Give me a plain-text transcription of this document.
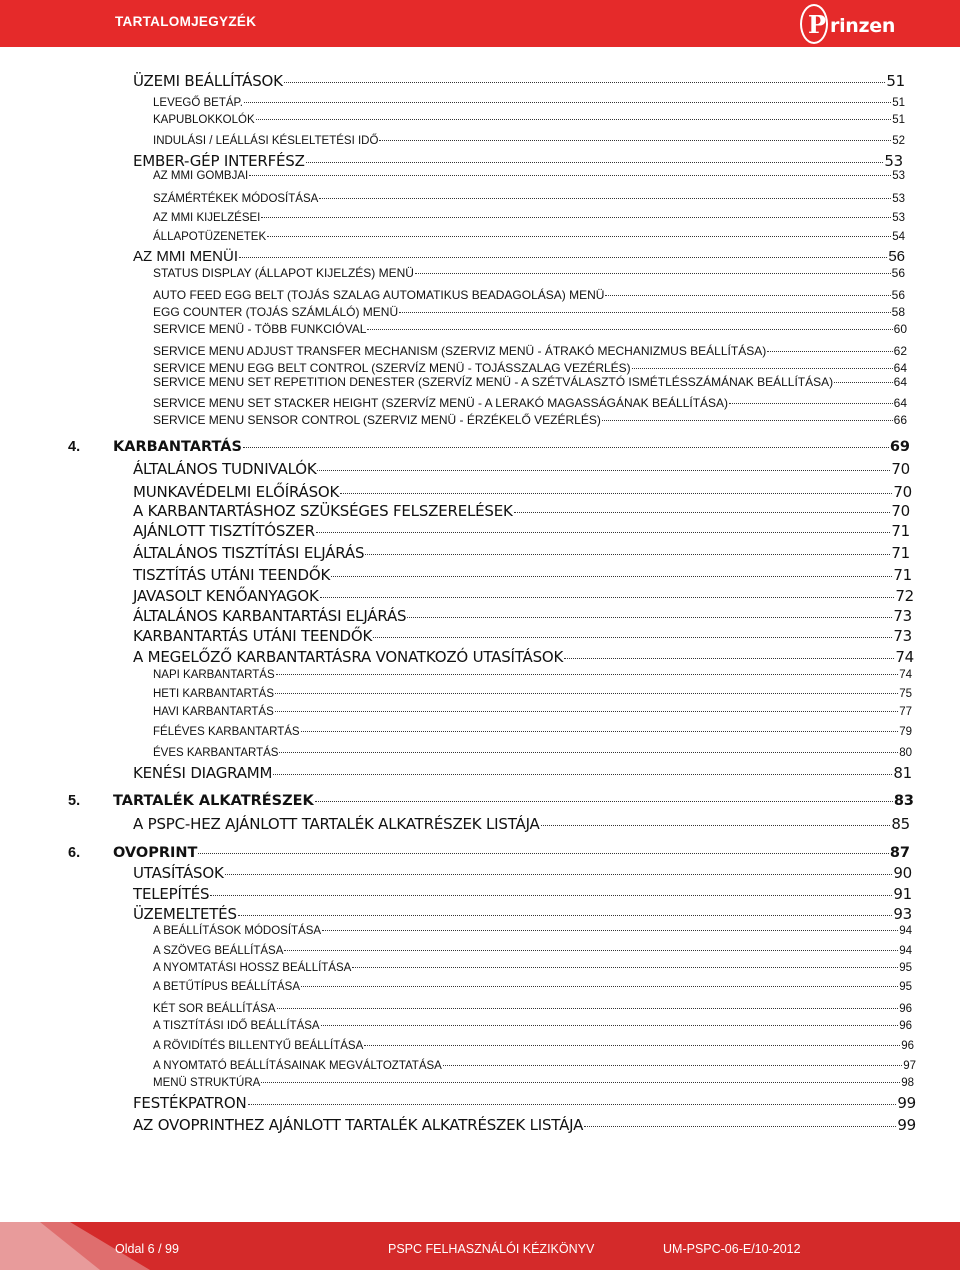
TARTALOMJEGYZÉK	P rinzen
ÜZEMI BEÁLLÍTÁSOK	51
LEVEGŐ BETÁP.	51
KAPUBLOKKOLÓK	51
INDULÁSI / LEÁLLÁSI KÉSLELTETÉSI IDŐ	52
EMBER-GÉP INTERFÉSZ	53
AZ MMI GOMBJAI	53
SZÁMÉRTÉKEK MÓDOSÍTÁSA	53
AZ MMI KIJELZÉSEI	53
ÁLLAPOTÜZENETEK	54
AZ MMI MENÜI	56
STATUS DISPLAY (ÁLLAPOT KIJELZÉS) MENÜ	56
AUTO FEED EGG BELT (TOJÁS SZALAG AUTOMATIKUS BEADAGOLÁSA) MENÜ	56
EGG COUNTER (TOJÁS SZÁMLÁLÓ) MENÜ	58
SERVICE MENÜ - TÖBB FUNKCIÓVAL	60
SERVICE MENU ADJUST TRANSFER MECHANISM (SZERVIZ MENÜ - ÁTRAKÓ MECHANIZMUS BEÁLLÍTÁSA)	62
SERVICE MENU EGG BELT CONTROL (SZERVÍZ MENÜ - TOJÁSSZALAG VEZÉRLÉS)	64
SERVICE MENU SET REPETITION DENESTER (SZERVÍZ MENÜ - A SZÉTVÁLASZTÓ ISMÉTLÉSSZÁMÁNAK BEÁLLÍTÁSA)	64
SERVICE MENU SET STACKER HEIGHT (SZERVÍZ MENÜ - A LERAKÓ MAGASSÁGÁNAK BEÁLLÍTÁSA)	64
SERVICE MENU SENSOR CONTROL (SZERVIZ MENÜ - ÉRZÉKELŐ VEZÉRLÉS)	66
4.	KARBANTARTÁS	69
ÁLTALÁNOS TUDNIVALÓK	70
MUNKAVÉDELMI ELŐÍRÁSOK	70
A KARBANTARTÁSHOZ SZÜKSÉGES FELSZERELÉSEK	70
AJÁNLOTT TISZTÍTÓSZER	71
ÁLTALÁNOS TISZTÍTÁSI ELJÁRÁS	71
TISZTÍTÁS UTÁNI TEENDŐK	71
JAVASOLT KENŐANYAGOK	72
ÁLTALÁNOS KARBANTARTÁSI ELJÁRÁS	73
KARBANTARTÁS UTÁNI TEENDŐK	73
A MEGELŐZŐ KARBANTARTÁSRA VONATKOZÓ UTASÍTÁSOK	74
NAPI KARBANTARTÁS	74
HETI KARBANTARTÁS	75
HAVI KARBANTARTÁS	77
FÉLÉVES KARBANTARTÁS	79
ÉVES KARBANTARTÁS	80
KENÉSI DIAGRAMM	81
5.	TARTALÉK ALKATRÉSZEK	83
A PSPC-HEZ AJÁNLOTT TARTALÉK ALKATRÉSZEK LISTÁJA	85
6.	OVOPRINT	87
UTASÍTÁSOK	90
TELEPÍTÉS	91
ÜZEMELTETÉS	93
A BEÁLLÍTÁSOK MÓDOSÍTÁSA	94
A SZÖVEG BEÁLLÍTÁSA	94
A NYOMTATÁSI HOSSZ BEÁLLÍTÁSA	95
A BETŰTÍPUS BEÁLLÍTÁSA	95
KÉT SOR BEÁLLÍTÁSA	96
A TISZTÍTÁSI IDŐ BEÁLLÍTÁSA	96
A RÖVIDÍTÉS BILLENTYŰ BEÁLLÍTÁSA	96
A NYOMTATÓ BEÁLLÍTÁSAINAK MEGVÁLTOZTATÁSA	97
MENÜ STRUKTÚRA	98
FESTÉKPATRON	99
AZ OVOPRINTHEZ AJÁNLOTT TARTALÉK ALKATRÉSZEK LISTÁJA	99
Oldal 6 / 99	PSPC FELHASZNÁLÓI KÉZIKÖNYV	UM-PSPC-06-E/10-2012
